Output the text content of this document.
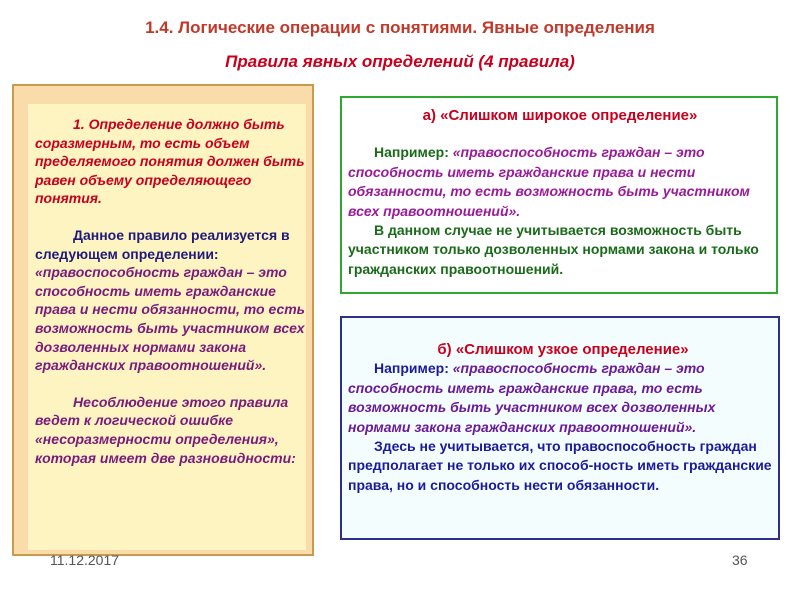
1.4. Логические операции с понятиями. Явные определения
Правила явных определений (4 правила)

1. Определение должно быть соразмерным, то есть объем пределяемого понятия должен быть равен объему определяющего понятия.

Данное правило реализуется в следующем определении:

«правоспособность граждан – это способность иметь гражданские права и нести обязанности, то есть возможность быть участником всех дозволенных нормами закона гражданских правоотношений».

Несоблюдение этого правила ведет к логической ошибке «несоразмерности определения», которая имеет две разновидности:

а) «Слишком широкое определение»

Например: «правоспособность граждан – это способность иметь гражданские права и нести обязанности, то есть возможность быть участником всех правоотношений».

В данном случае не учитывается возможность быть участником только дозволенных нормами закона и только гражданских правоотношений.

б) «Слишком узкое определение»

Например: «правоспособность граждан – это способность иметь гражданские права, то есть возможность быть участником всех дозволенных нормами закона гражданских правоотношений».

Здесь не учитывается, что правоспособность граждан предполагает не только их способ-ность иметь гражданские права, но и способность нести обязанности.

11.12.2017	36
